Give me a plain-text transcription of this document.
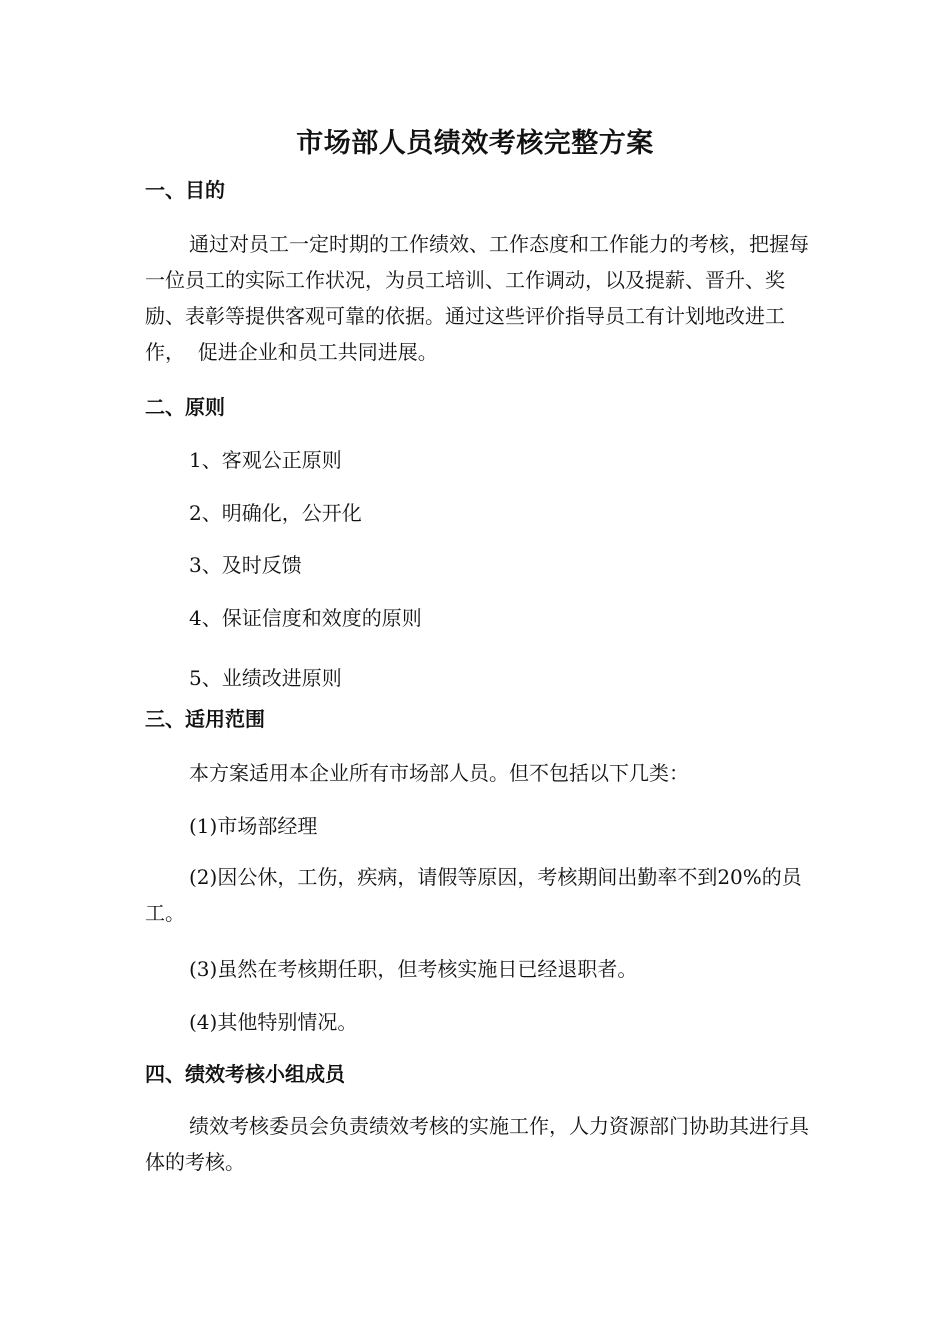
市场部人员绩效考核完整方案
一、目的

通过对员工一定时期的工作绩效、工作态度和工作能力的考核，把握每一位员工的实际工作状况，为员工培训、工作调动，以及提薪、晋升、奖励、表彰等提供客观可靠的依据。通过这些评价指导员工有计划地改进工作，  促进企业和员工共同进展。

二、原则
1、客观公正原则
2、明确化，公开化
3、及时反馈
4、保证信度和效度的原则
5、业绩改进原则
三、适用范围
本方案适用本企业所有市场部人员。但不包括以下几类：
(1)市场部经理

(2)因公休，工伤，疾病，请假等原因，考核期间出勤率不到20%的员工。

(3)虽然在考核期任职，但考核实施日已经退职者。
(4)其他特别情况。
四、绩效考核小组成员

绩效考核委员会负责绩效考核的实施工作，人力资源部门协助其进行具体的考核。
